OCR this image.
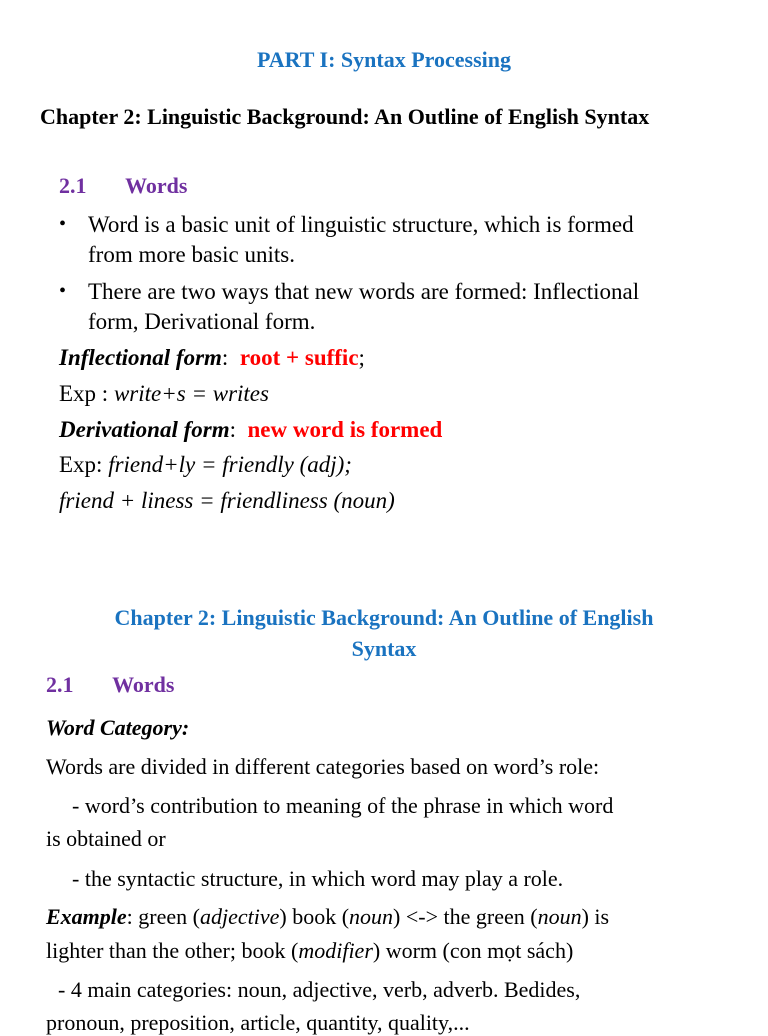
PART I: Syntax Processing
Chapter 2: Linguistic Background: An Outline of English Syntax
2.1 Words
• Word is a basic unit of linguistic structure, which is formed
from more basic units.
• There are two ways that new words are formed: Inflectional
form, Derivational form.
Inflectional form:  root + suffic;
Exp : write+s = writes
Derivational form:  new word is formed
Exp: friend+ly = friendly (adj);
friend + liness = friendliness (noun)
Chapter 2: Linguistic Background: An Outline of English
Syntax
2.1 Words
Word Category:
Words are divided in different categories based on word’s role:
- word’s contribution to meaning of the phrase in which word
is obtained or
- the syntactic structure, in which word may play a role.
Example: green (adjective) book (noun) <-> the green (noun) is
lighter than the other; book (modifier) worm (con mọt sách)
- 4 main categories: noun, adjective, verb, adverb. Bedides,
pronoun, preposition, article, quantity, quality,...
